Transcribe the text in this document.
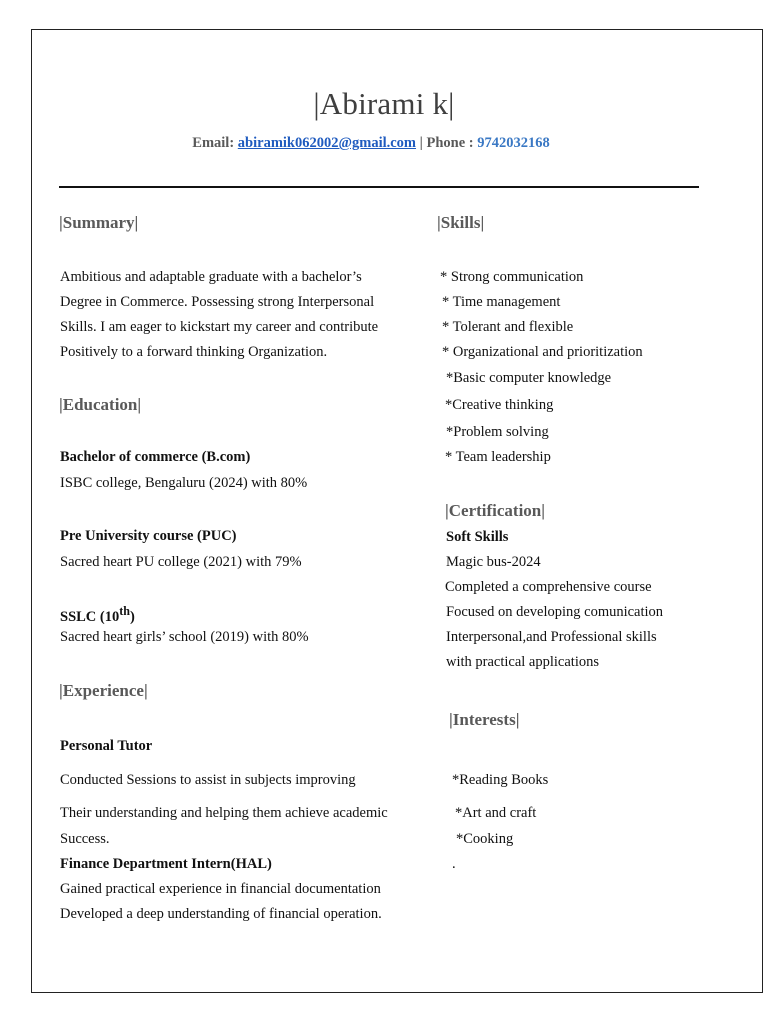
|Abirami k|
Email: abiramik062002@gmail.com | Phone : 9742032168
|Summary|
Ambitious and adaptable graduate with a bachelor’s
Degree in Commerce. Possessing strong Interpersonal
Skills. I am eager to kickstart my career and contribute
Positively to a forward thinking Organization.
|Education|
Bachelor of commerce (B.com)
ISBC college, Bengaluru (2024) with 80%
Pre University course (PUC)
Sacred heart PU college (2021) with 79%
SSLC (10th)
Sacred heart girls’ school (2019) with 80%
|Experience|
Personal Tutor
Conducted Sessions to assist in subjects improving
Their understanding and helping them achieve academic
Success.
Finance Department Intern(HAL)
Gained practical experience in financial documentation
Developed a deep understanding of financial operation.
|Skills|
* Strong communication
* Time management
* Tolerant and flexible
* Organizational and prioritization
*Basic computer knowledge
*Creative thinking
*Problem solving
* Team leadership
|Certification|
Soft Skills
Magic bus-2024
Completed a comprehensive course
Focused on developing comunication
Interpersonal,and Professional skills
with practical applications
|Interests|
*Reading Books
*Art and craft
*Cooking
.
